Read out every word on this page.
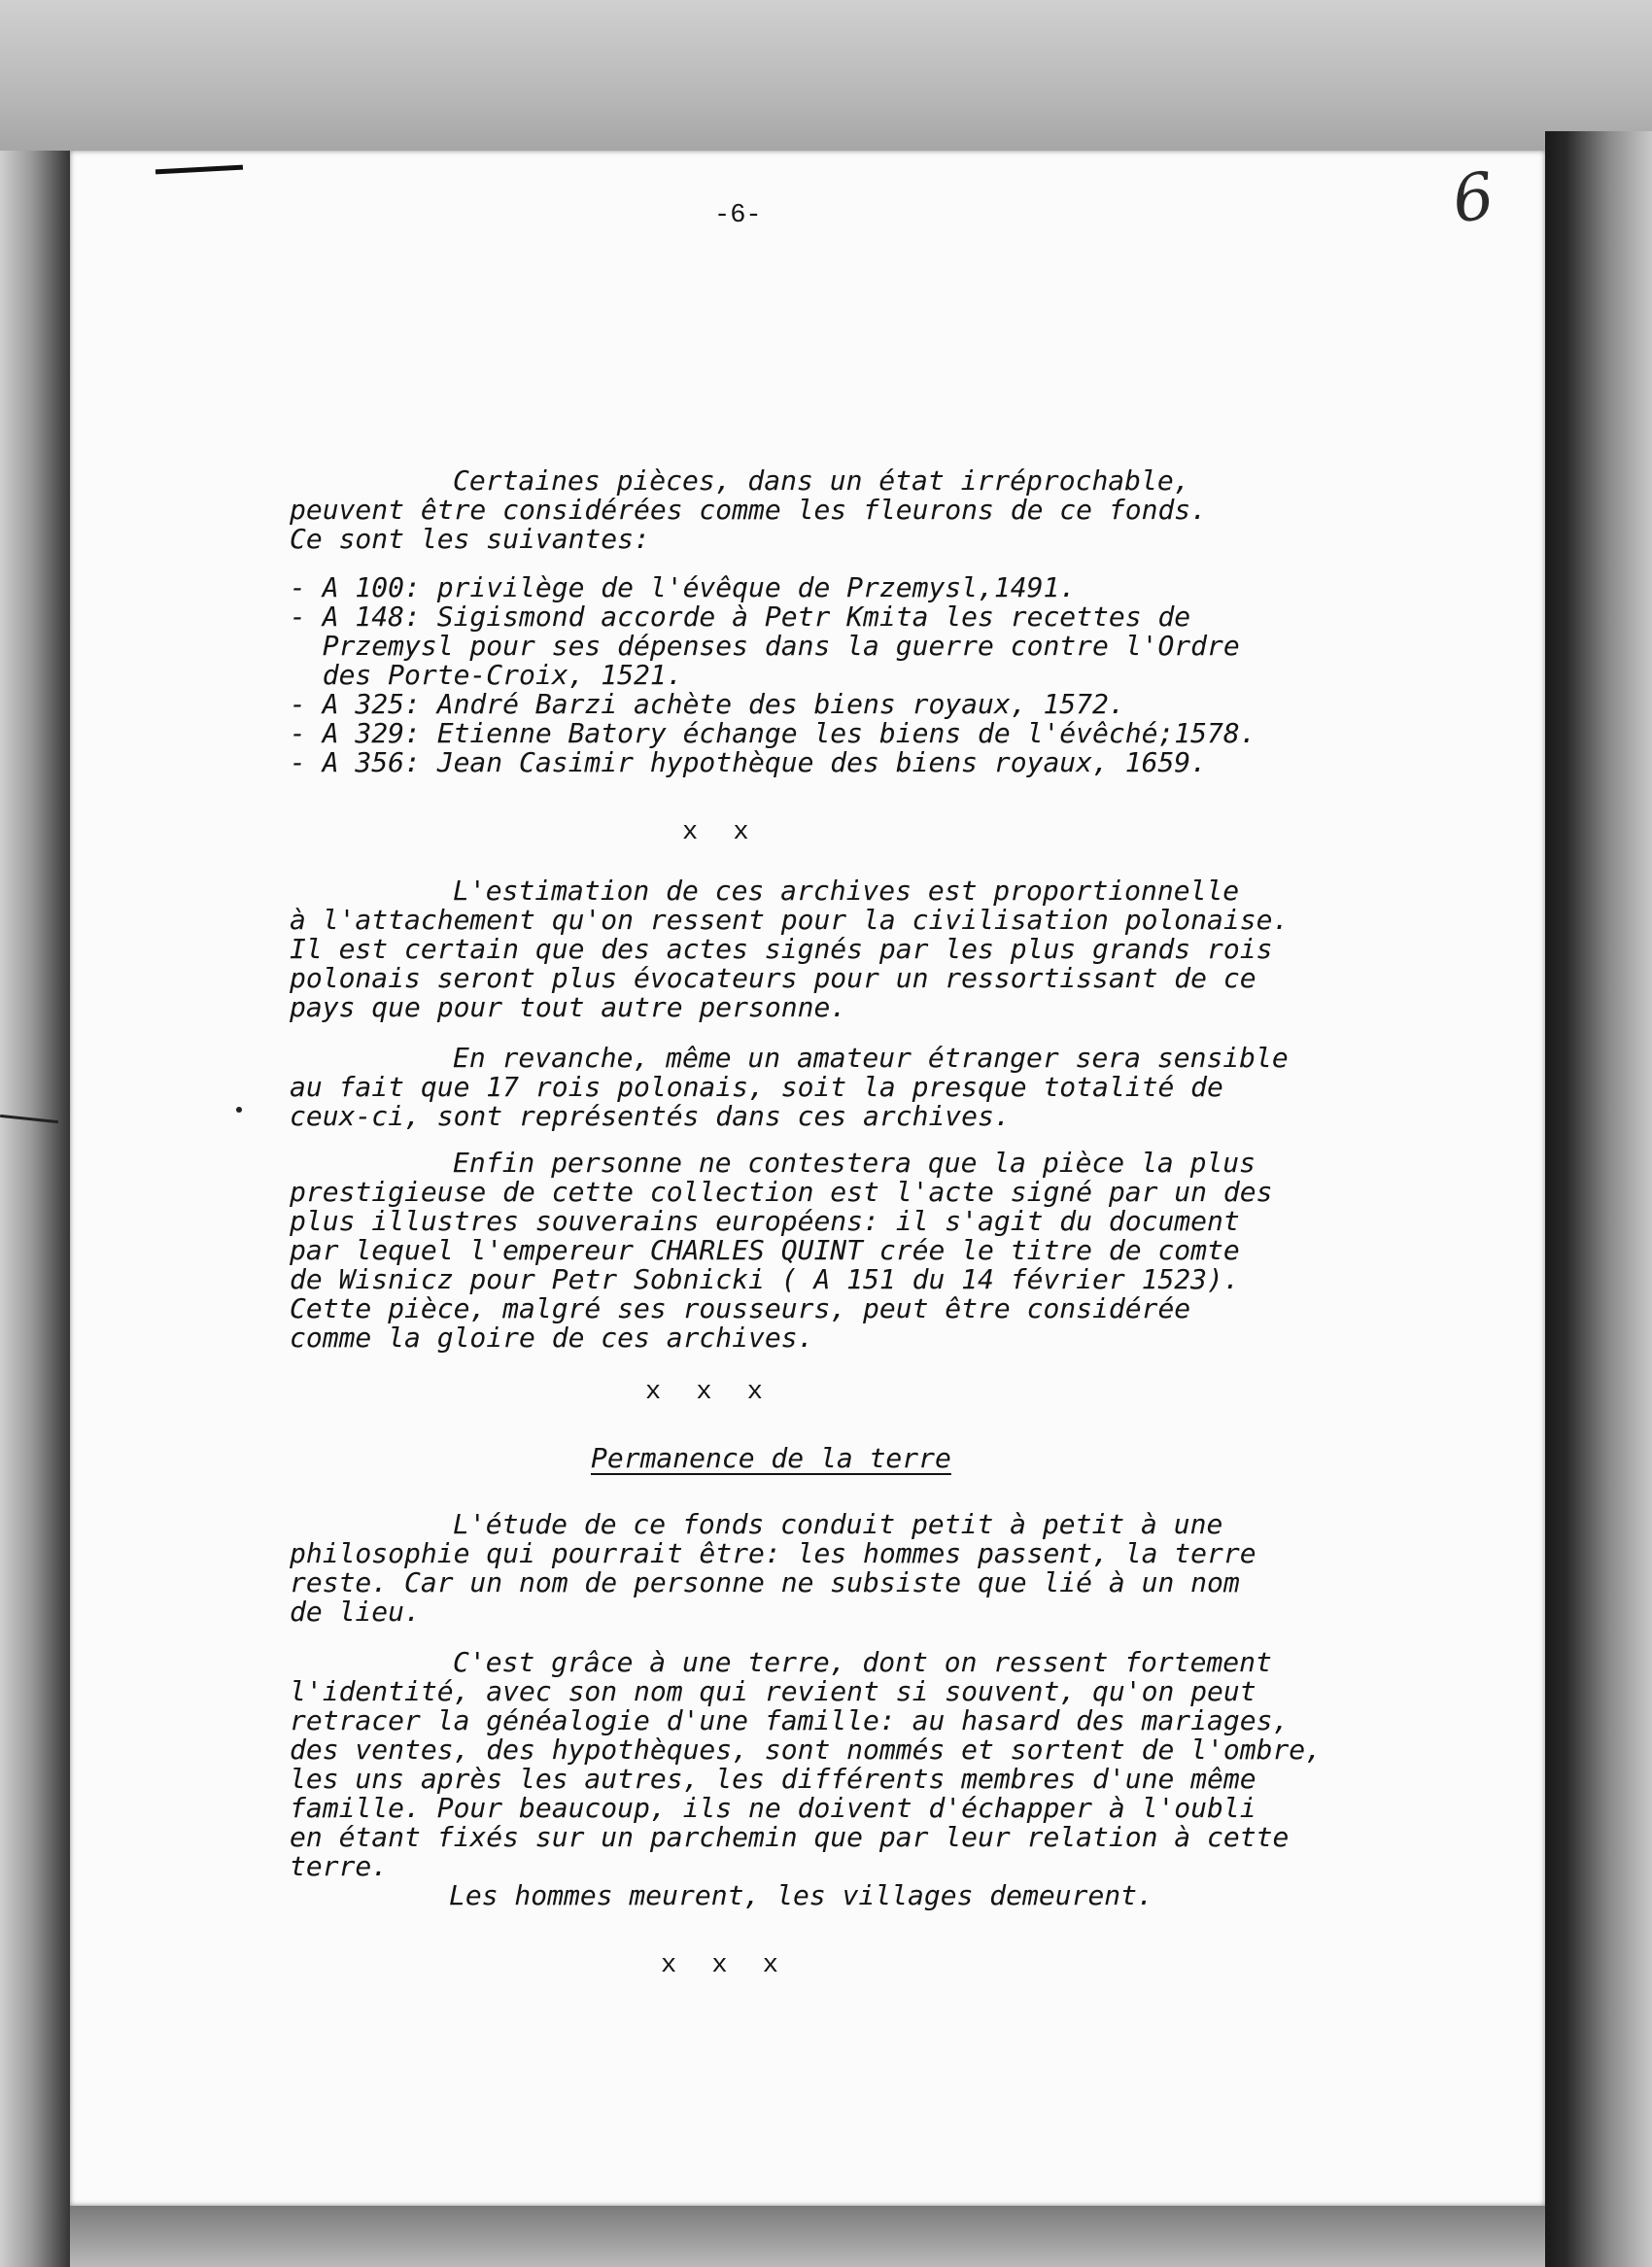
-6-	6
Certaines pièces, dans un état irréprochable,
peuvent être considérées comme les fleurons de ce fonds.
Ce sont les suivantes:
- A 100: privilège de l'évêque de Przemysl,1491.
- A 148: Sigismond accorde à Petr Kmita les recettes de
Przemysl pour ses dépenses dans la guerre contre l'Ordre
des Porte-Croix, 1521.
- A 325: André Barzi achète des biens royaux, 1572.
- A 329: Etienne Batory échange les biens de l'évêché;1578.
- A 356: Jean Casimir hypothèque des biens royaux, 1659.
x x
L'estimation de ces archives est proportionnelle
à l'attachement qu'on ressent pour la civilisation polonaise.
Il est certain que des actes signés par les plus grands rois
polonais seront plus évocateurs pour un ressortissant de ce
pays que pour tout autre personne.
En revanche, même un amateur étranger sera sensible
au fait que 17 rois polonais, soit la presque totalité de
ceux-ci, sont représentés dans ces archives.
Enfin personne ne contestera que la pièce la plus
prestigieuse de cette collection est l'acte signé par un des
plus illustres souverains européens: il s'agit du document
par lequel l'empereur CHARLES QUINT crée le titre de comte
de Wisnicz pour Petr Sobnicki ( A 151 du 14 février 1523).
Cette pièce, malgré ses rousseurs, peut être considérée
comme la gloire de ces archives.
x x x
Permanence de la terre
L'étude de ce fonds conduit petit à petit à une
philosophie qui pourrait être: les hommes passent, la terre
reste. Car un nom de personne ne subsiste que lié à un nom
de lieu.
C'est grâce à une terre, dont on ressent fortement
l'identité, avec son nom qui revient si souvent, qu'on peut
retracer la généalogie d'une famille: au hasard des mariages,
des ventes, des hypothèques, sont nommés et sortent de l'ombre,
les uns après les autres, les différents membres d'une même
famille. Pour beaucoup, ils ne doivent d'échapper à l'oubli
en étant fixés sur un parchemin que par leur relation à cette
terre.
Les hommes meurent, les villages demeurent.
x x x
